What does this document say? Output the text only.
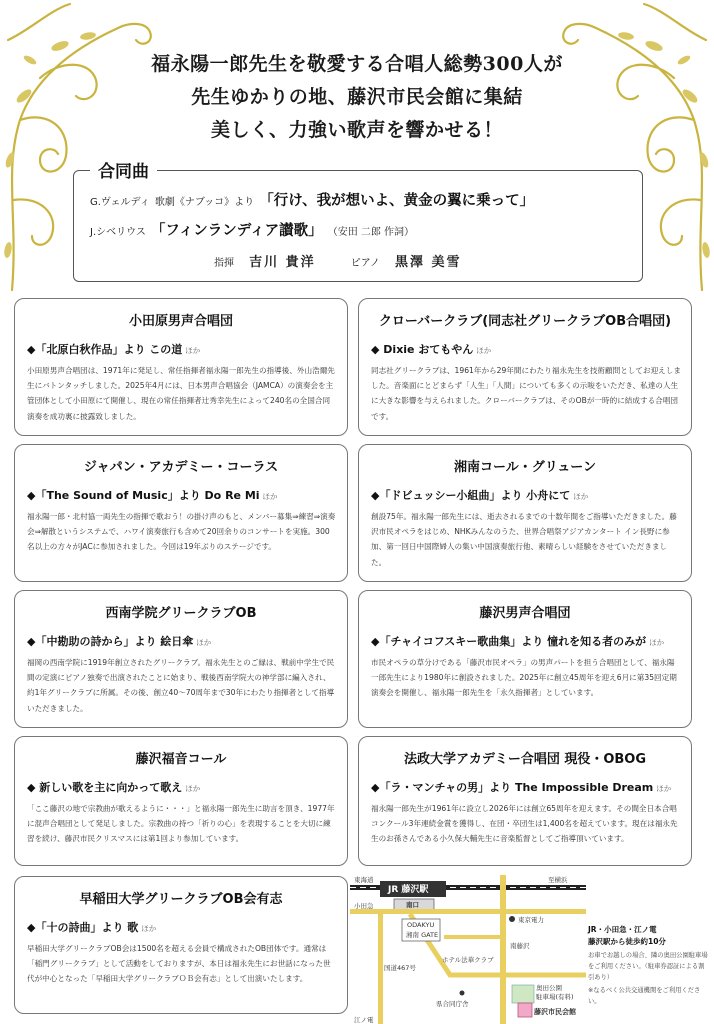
福永陽一郎先生を敬愛する合唱人総勢300人が
先生ゆかりの地、藤沢市民会館に集結
美しく、力強い歌声を響かせる！
合同曲
G.ヴェルディ 歌劇《ナブッコ》より 「行け、我が想いよ、黄金の翼に乗って」
J.シベリウス 「フィンランディア讃歌」 （安田 二郎 作詞）
指揮 吉川 貴洋	ピアノ 黒澤 美雪
小田原男声合唱団
◆「北原白秋作品」より この道 ほか
小田原男声合唱団は、1971年に発足し、常任指揮者福永陽一郎先生の指導後、外山浩爾先生にバトンタッチしました。2025年4月には、日本男声合唱協会（JAMCA）の演奏会を主管団体として小田原にて開催し、現在の常任指揮者辻秀幸先生によって240名の全国合同演奏を成功裏に披露致しました。
クローバークラブ(同志社グリークラブOB合唱団)
◆ Dixie おてもやん ほか
同志社グリークラブは、1961年から29年間にわたり福永先生を技術顧問としてお迎えしました。音楽面にとどまらず「人生」「人間」についても多くの示唆をいただき、私達の人生に大きな影響を与えられました。クローバークラブは、そのOBが一時的に結成する合唱団です。
ジャパン・アカデミー・コーラス
◆「The Sound of Music」より Do Re Mi ほか
福永陽一郎・北村協一両先生の指揮で歌おう！の掛け声のもと、メンバー募集⇒練習⇒演奏会⇒解散というシステムで、ハワイ演奏旅行も含めて20回余りのコンサートを実施。300名以上の方々がJACに参加されました。今回は19年ぶりのステージです。
湘南コール・グリューン
◆「ドビュッシー小組曲」より 小舟にて ほか
創設75年。福永陽一郎先生には、逝去されるまでの十数年間をご指導いただきました。藤沢市民オペラをはじめ、NHKみんなのうた、世界合唱祭アジアカンタート イン長野に参加、第一回日中国際婦人の集い中国演奏旅行他、素晴らしい経験をさせていただきました。
西南学院グリークラブOB
◆「中勘助の詩から」より 絵日傘 ほか
福岡の西南学院に1919年創立されたグリークラブ。福永先生とのご縁は、戦前中学生で民間の定演にピアノ独奏で出演されたことに始まり、戦後西南学院大の神学部に編入され、約1年グリークラブに所属。その後、創立40～70周年まで30年にわたり指揮者として指導いただきました。
藤沢男声合唱団
◆「チャイコフスキー歌曲集」より 憧れを知る者のみが ほか
市民オペラの草分けである「藤沢市民オペラ」の男声パートを担う合唱団として、福永陽一郎先生により1980年に創設されました。2025年に創立45周年を迎え6月に第35回定期演奏会を開催し、福永陽一郎先生を「永久指揮者」としています。
藤沢福音コール
◆ 新しい歌を主に向かって歌え ほか
「ここ藤沢の地で宗教曲が歌えるように・・・」と福永陽一郎先生に助言を頂き、1977年に混声合唱団として発足しました。宗教曲の持つ「祈りの心」を表現することを大切に練習を続け、藤沢市民クリスマスには第1回より参加しています。
法政大学アカデミー合唱団 現役・OBOG
◆「ラ・マンチャの男」より The Impossible Dream ほか
福永陽一郎先生が1961年に設立し2026年には創立65周年を迎えます。その間全日本合唱コンクール3年連続金賞を獲得し、在団・卒団生は1,400名を超えています。現在は福永先生のお孫さんである小久保大輔先生に音楽監督としてご指導頂いています。
早稲田大学グリークラブOB会有志
◆「十の詩曲」より 歌 ほか
早稲田大学グリークラブOB会は1500名を超える会員で構成されたOB団体です。通常は「稲門グリークラブ」として活動をしておりますが、本日は福永先生にお世話になった世代が中心となった「早稲田大学グリークラブＯＢ会有志」として出演いたします。
東海道	至横浜
JR 藤沢駅
小田急	南口
ODAKYU
湘南 GATE
東京電力
南藤沢
ホテル法華クラブ
国道467号
奥田公園
駐車場(有料)
県合同庁舎
藤沢市民会館
江ノ電
JR・小田急・江ノ電
藤沢駅から徒歩約10分
お車でお越しの場合、隣の奥田公園駐車場をご利用ください。（駐車券認証による割引あり）
※なるべく公共交通機関をご利用ください。
